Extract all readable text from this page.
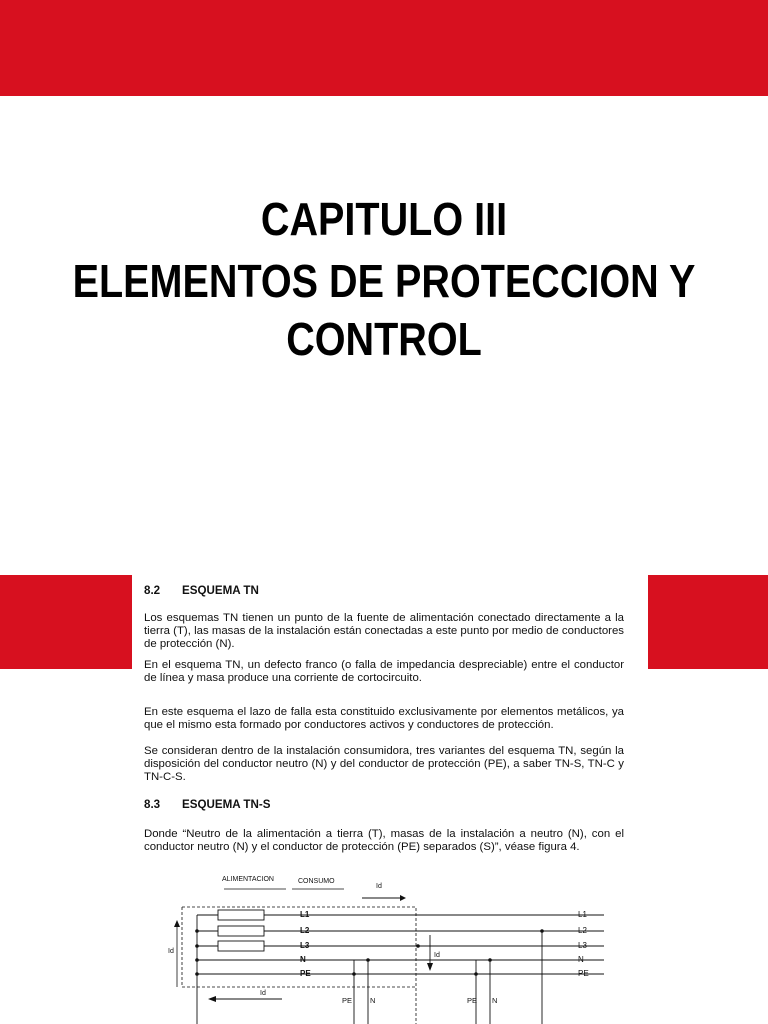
CAPITULO III
ELEMENTOS DE PROTECCION Y
CONTROL
8.2 ESQUEMA TN
Los esquemas TN tienen un punto de la fuente de alimentación conectado directamente a la tierra (T), las masas de la instalación están conectadas a este punto por medio de conductores de protección (N).
En el esquema TN, un defecto franco (o falla de impedancia despreciable) entre el conductor de línea y masa produce una corriente de cortocircuito.
En este esquema el lazo de falla esta constituido exclusivamente por elementos metálicos, ya que el mismo esta formado por conductores activos y conductores de protección.
Se consideran dentro de la instalación consumidora, tres variantes del esquema TN, según la disposición del conductor neutro (N) y del conductor de protección (PE), a saber TN-S, TN-C y TN-C-S.
8.3 ESQUEMA TN-S
Donde “Neutro de la alimentación a tierra (T), masas de la instalación a neutro (N), con el conductor neutro (N) y el conductor de protección (PE) separados (S)”, véase figura 4.
ALIMENTACION	CONSUMO
Id
Id
L1
L2
L3
N
PE
L1
L2
L3
N
PE
Id
PE N	PE N
Id
